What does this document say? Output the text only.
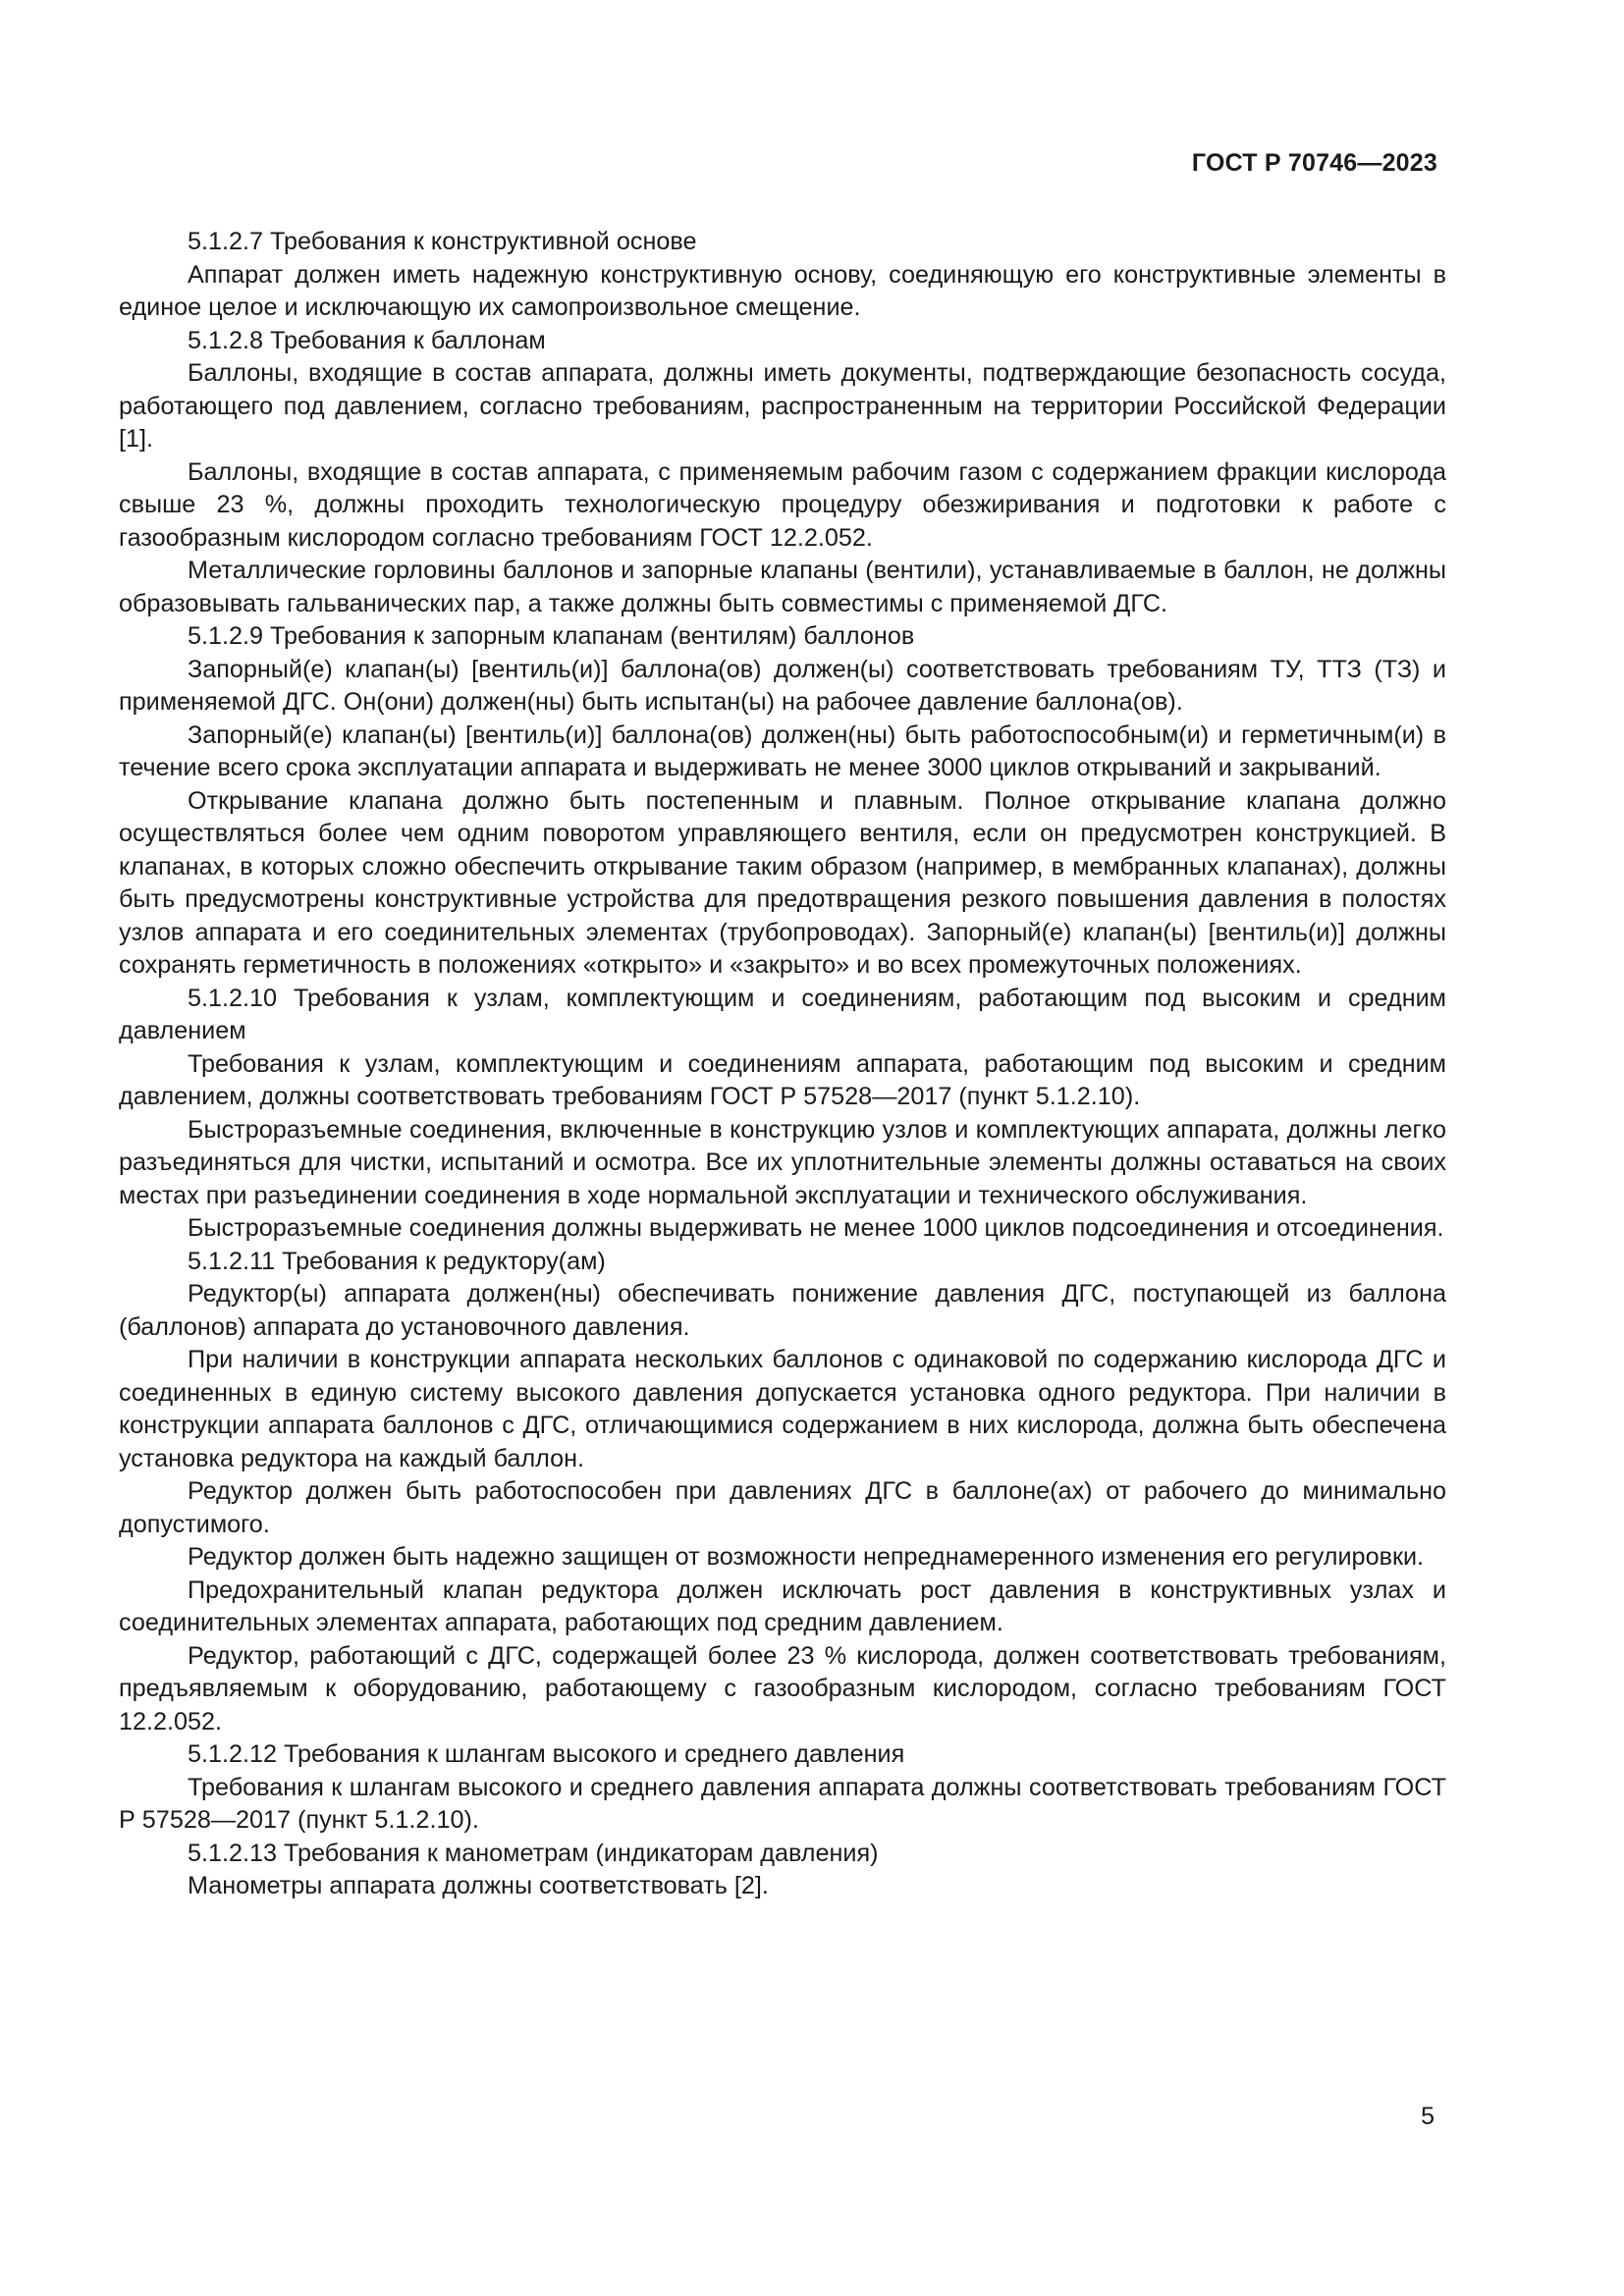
ГОСТ Р 70746—2023

5.1.2.7 Требования к конструктивной основе

Аппарат должен иметь надежную конструктивную основу, соединяющую его конструктивные элементы в единое целое и исключающую их самопроизвольное смещение.

5.1.2.8 Требования к баллонам

Баллоны, входящие в состав аппарата, должны иметь документы, подтверждающие безопасность сосуда, работающего под давлением, согласно требованиям, распространенным на территории Российской Федерации [1].

Баллоны, входящие в состав аппарата, с применяемым рабочим газом с содержанием фракции кислорода свыше 23 %, должны проходить технологическую процедуру обезжиривания и подготовки к работе с газообразным кислородом согласно требованиям ГОСТ 12.2.052.

Металлические горловины баллонов и запорные клапаны (вентили), устанавливаемые в баллон, не должны образовывать гальванических пар, а также должны быть совместимы с применяемой ДГС.

5.1.2.9 Требования к запорным клапанам (вентилям) баллонов

Запорный(е) клапан(ы) [вентиль(и)] баллона(ов) должен(ы) соответствовать требованиям ТУ, ТТЗ (ТЗ) и применяемой ДГС. Он(они) должен(ны) быть испытан(ы) на рабочее давление баллона(ов).

Запорный(е) клапан(ы) [вентиль(и)] баллона(ов) должен(ны) быть работоспособным(и) и герметичным(и) в течение всего срока эксплуатации аппарата и выдерживать не менее 3000 циклов открываний и закрываний.

Открывание клапана должно быть постепенным и плавным. Полное открывание клапана должно осуществляться более чем одним поворотом управляющего вентиля, если он предусмотрен конструкцией. В клапанах, в которых сложно обеспечить открывание таким образом (например, в мембранных клапанах), должны быть предусмотрены конструктивные устройства для предотвращения резкого повышения давления в полостях узлов аппарата и его соединительных элементах (трубопроводах). Запорный(е) клапан(ы) [вентиль(и)] должны сохранять герметичность в положениях «открыто» и «закрыто» и во всех промежуточных положениях.

5.1.2.10 Требования к узлам, комплектующим и соединениям, работающим под высоким и средним давлением

Требования к узлам, комплектующим и соединениям аппарата, работающим под высоким и средним давлением, должны соответствовать требованиям ГОСТ Р 57528—2017 (пункт 5.1.2.10).

Быстроразъемные соединения, включенные в конструкцию узлов и комплектующих аппарата, должны легко разъединяться для чистки, испытаний и осмотра. Все их уплотнительные элементы должны оставаться на своих местах при разъединении соединения в ходе нормальной эксплуатации и технического обслуживания.

Быстроразъемные соединения должны выдерживать не менее 1000 циклов подсоединения и отсоединения.

5.1.2.11 Требования к редуктору(ам)

Редуктор(ы) аппарата должен(ны) обеспечивать понижение давления ДГС, поступающей из баллона (баллонов) аппарата до установочного давления.

При наличии в конструкции аппарата нескольких баллонов с одинаковой по содержанию кислорода ДГС и соединенных в единую систему высокого давления допускается установка одного редуктора. При наличии в конструкции аппарата баллонов с ДГС, отличающимися содержанием в них кислорода, должна быть обеспечена установка редуктора на каждый баллон.

Редуктор должен быть работоспособен при давлениях ДГС в баллоне(ах) от рабочего до минимально допустимого.

Редуктор должен быть надежно защищен от возможности непреднамеренного изменения его регулировки.

Предохранительный клапан редуктора должен исключать рост давления в конструктивных узлах и соединительных элементах аппарата, работающих под средним давлением.

Редуктор, работающий с ДГС, содержащей более 23 % кислорода, должен соответствовать требованиям, предъявляемым к оборудованию, работающему с газообразным кислородом, согласно требованиям ГОСТ 12.2.052.

5.1.2.12 Требования к шлангам высокого и среднего давления

Требования к шлангам высокого и среднего давления аппарата должны соответствовать требованиям ГОСТ Р 57528—2017 (пункт 5.1.2.10).

5.1.2.13 Требования к манометрам (индикаторам давления)

Манометры аппарата должны соответствовать [2].

5
